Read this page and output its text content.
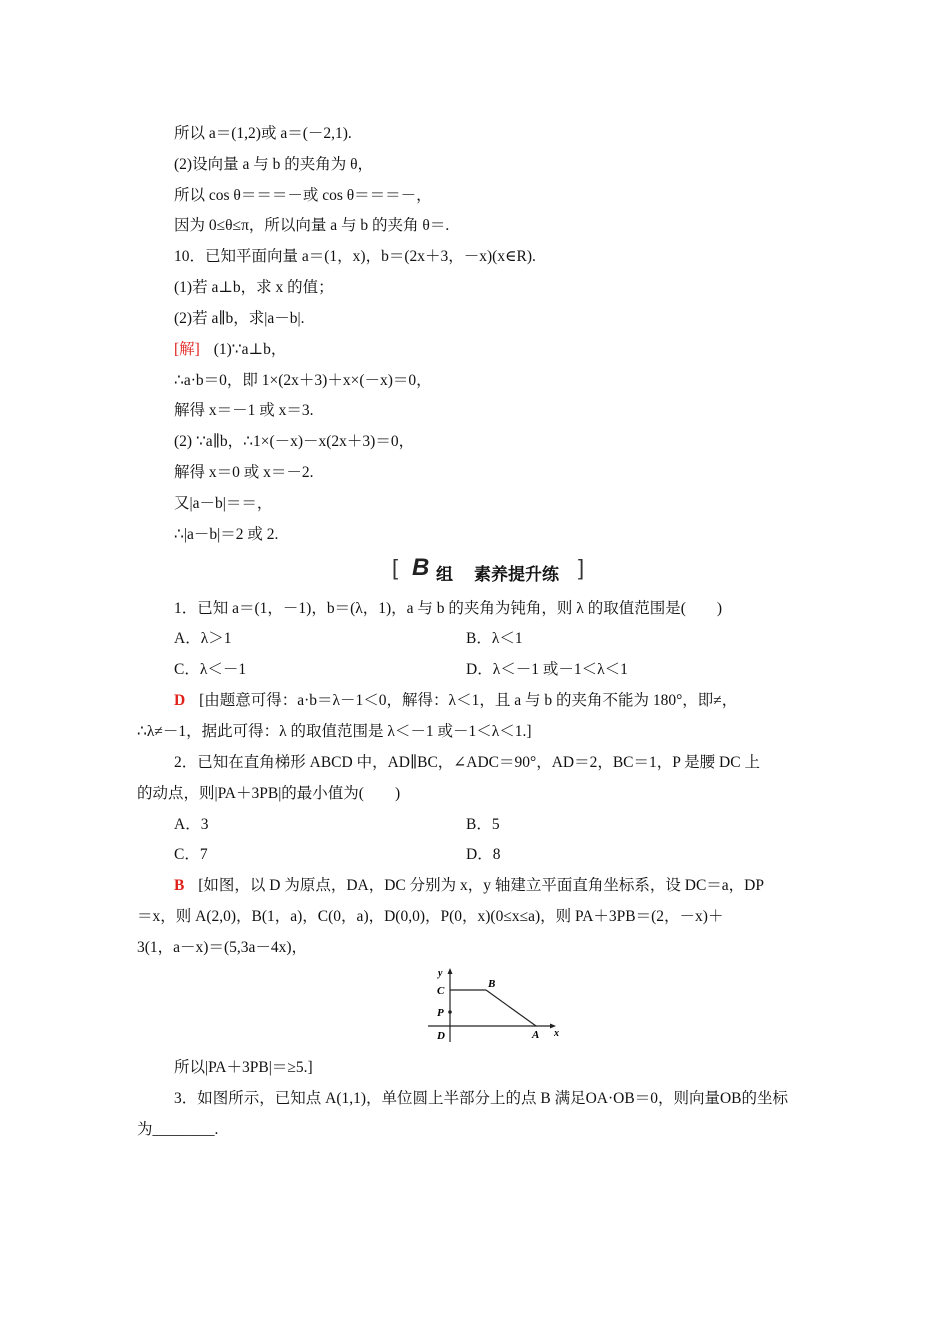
所以 a＝(1,2)或 a＝(－2,1).
(2)设向量 a 与 b 的夹角为 θ，
所以 cos θ＝＝＝－或 cos θ＝＝＝－，
因为 0≤θ≤π，所以向量 a 与 b 的夹角 θ＝.
10．已知平面向量 a＝(1，x)，b＝(2x＋3，－x)(x∈R).
(1)若 a⊥b，求 x 的值；
(2)若 a∥b，求|a－b|.
[解] (1)∵a⊥b，
∴a·b＝0，即 1×(2x＋3)＋x×(－x)＝0，
解得 x＝－1 或 x＝3.
(2) ∵a∥b，∴1×(－x)－x(2x＋3)＝0，
解得 x＝0 或 x＝－2.
又|a－b|＝＝，
∴|a－b|＝2 或 2.
[ B 组 素养提升练 ]
1．已知 a＝(1，－1)，b＝(λ，1)，a 与 b 的夹角为钝角，则 λ 的取值范围是(　　)
A．λ＞1	B．λ＜1
C．λ＜－1	D．λ＜－1 或－1＜λ＜1
D [由题意可得：a·b＝λ－1＜0，解得：λ＜1，且 a 与 b 的夹角不能为 180°，即≠，
∴λ≠－1，据此可得：λ 的取值范围是 λ＜－1 或－1＜λ＜1.]
2．已知在直角梯形 ABCD 中，AD∥BC，∠ADC＝90°，AD＝2，BC＝1，P 是腰 DC 上
的动点，则|PA＋3PB|的最小值为(　　)
A．3	B．5
C．7	D．8
B [如图，以 D 为原点，DA，DC 分别为 x，y 轴建立平面直角坐标系，设 DC＝a，DP
＝x，则 A(2,0)，B(1，a)，C(0，a)，D(0,0)，P(0，x)(0≤x≤a)，则 PA＋3PB＝(2，－x)＋
3(1，a－x)＝(5,3a－4x)，
y
x
C
B
P
D	A
所以|PA＋3PB|＝≥5.]
3．如图所示，已知点 A(1,1)，单位圆上半部分上的点 B 满足OA·OB＝0，则向量OB的坐标
为________.
